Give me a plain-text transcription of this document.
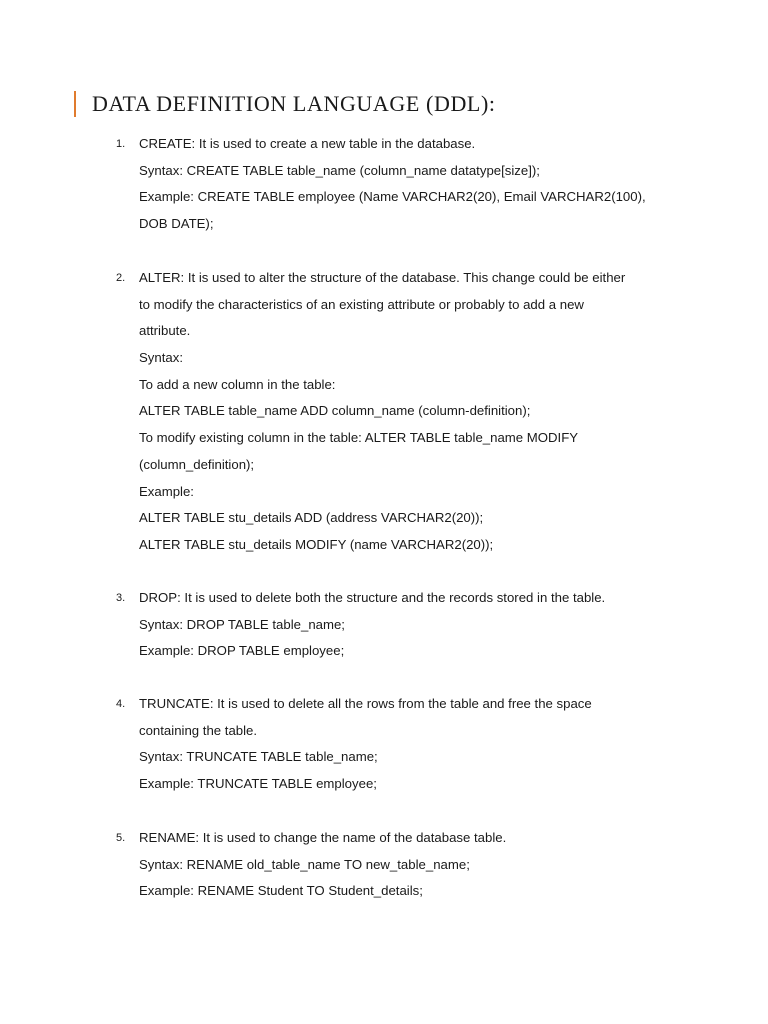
DATA DEFINITION LANGUAGE (DDL):
1. CREATE: It is used to create a new table in the database.
Syntax: CREATE TABLE table_name (column_name datatype[size]);
Example: CREATE TABLE employee (Name VARCHAR2(20), Email VARCHAR2(100),
DOB DATE);
2. ALTER: It is used to alter the structure of the database. This change could be either
to modify the characteristics of an existing attribute or probably to add a new
attribute.
Syntax:
To add a new column in the table:
ALTER TABLE table_name ADD column_name (column-definition);
To modify existing column in the table: ALTER TABLE table_name MODIFY
(column_definition);
Example:
ALTER TABLE stu_details ADD (address VARCHAR2(20));
ALTER TABLE stu_details MODIFY (name VARCHAR2(20));
3. DROP: It is used to delete both the structure and the records stored in the table.
Syntax: DROP TABLE table_name;
Example: DROP TABLE employee;
4. TRUNCATE: It is used to delete all the rows from the table and free the space
containing the table.
Syntax: TRUNCATE TABLE table_name;
Example: TRUNCATE TABLE employee;
5. RENAME: It is used to change the name of the database table.
Syntax: RENAME old_table_name TO new_table_name;
Example: RENAME Student TO Student_details;
